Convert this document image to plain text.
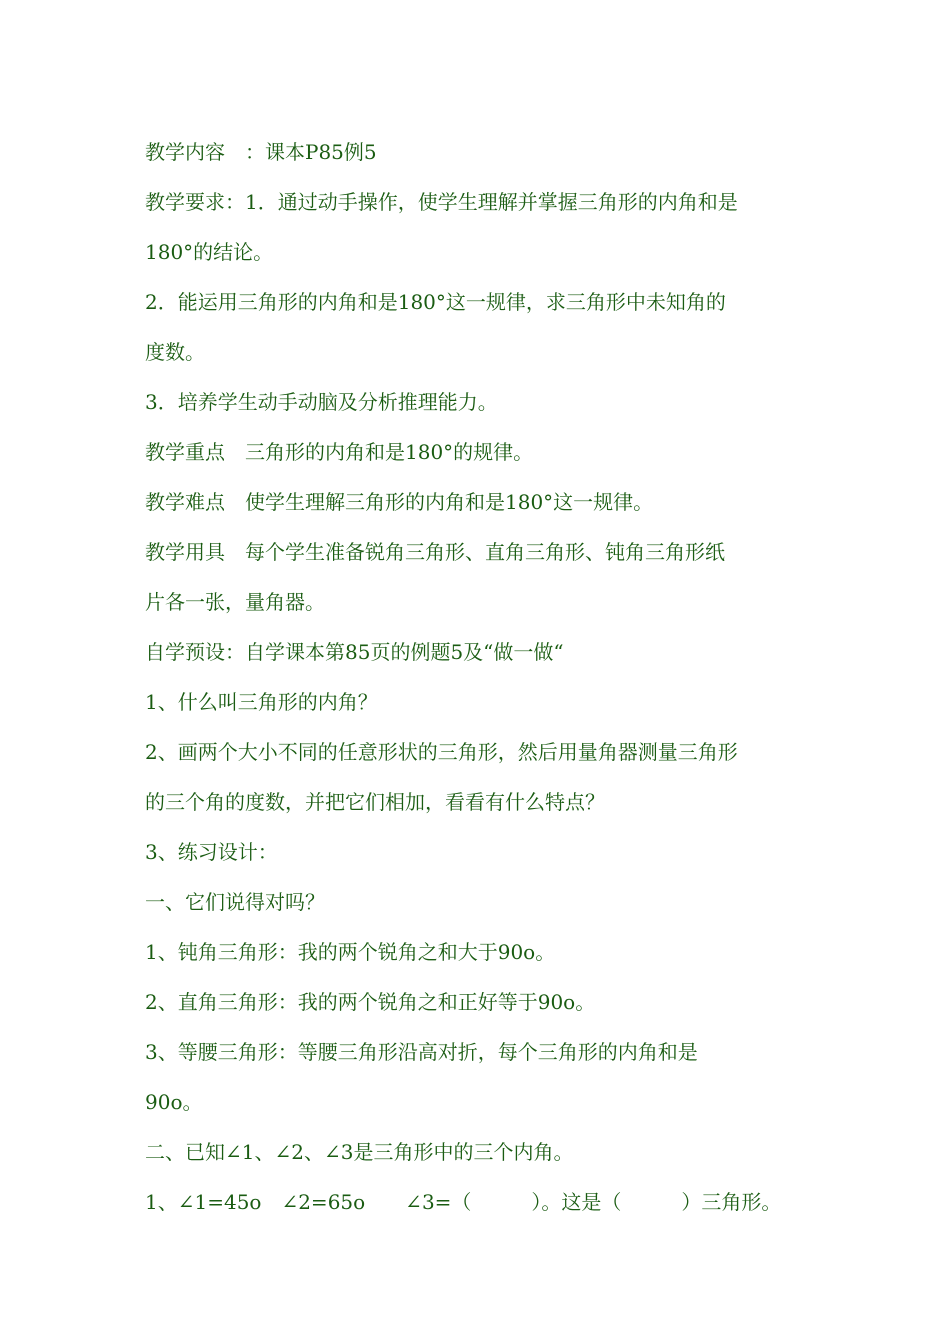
教学内容　：课本P85例5
教学要求：1．通过动手操作，使学生理解并掌握三角形的内角和是
180°的结论。
2．能运用三角形的内角和是180°这一规律，求三角形中未知角的
度数。
3．培养学生动手动脑及分析推理能力。
教学重点　三角形的内角和是180°的规律。
教学难点　使学生理解三角形的内角和是180°这一规律。
教学用具　每个学生准备锐角三角形、直角三角形、钝角三角形纸
片各一张，量角器。
自学预设：自学课本第85页的例题5及“做一做“
1、什么叫三角形的内角？
2、画两个大小不同的任意形状的三角形，然后用量角器测量三角形
的三个角的度数，并把它们相加，看看有什么特点？
3、练习设计：
一、它们说得对吗？
1、钝角三角形：我的两个锐角之和大于90o。
2、直角三角形：我的两个锐角之和正好等于90o。
3、等腰三角形：等腰三角形沿高对折，每个三角形的内角和是
90o。
二、已知∠1、∠2、∠3是三角形中的三个内角。
1、∠1=45o　∠2=65o　　∠3=（　　　）。这是（　　　）三角形。
